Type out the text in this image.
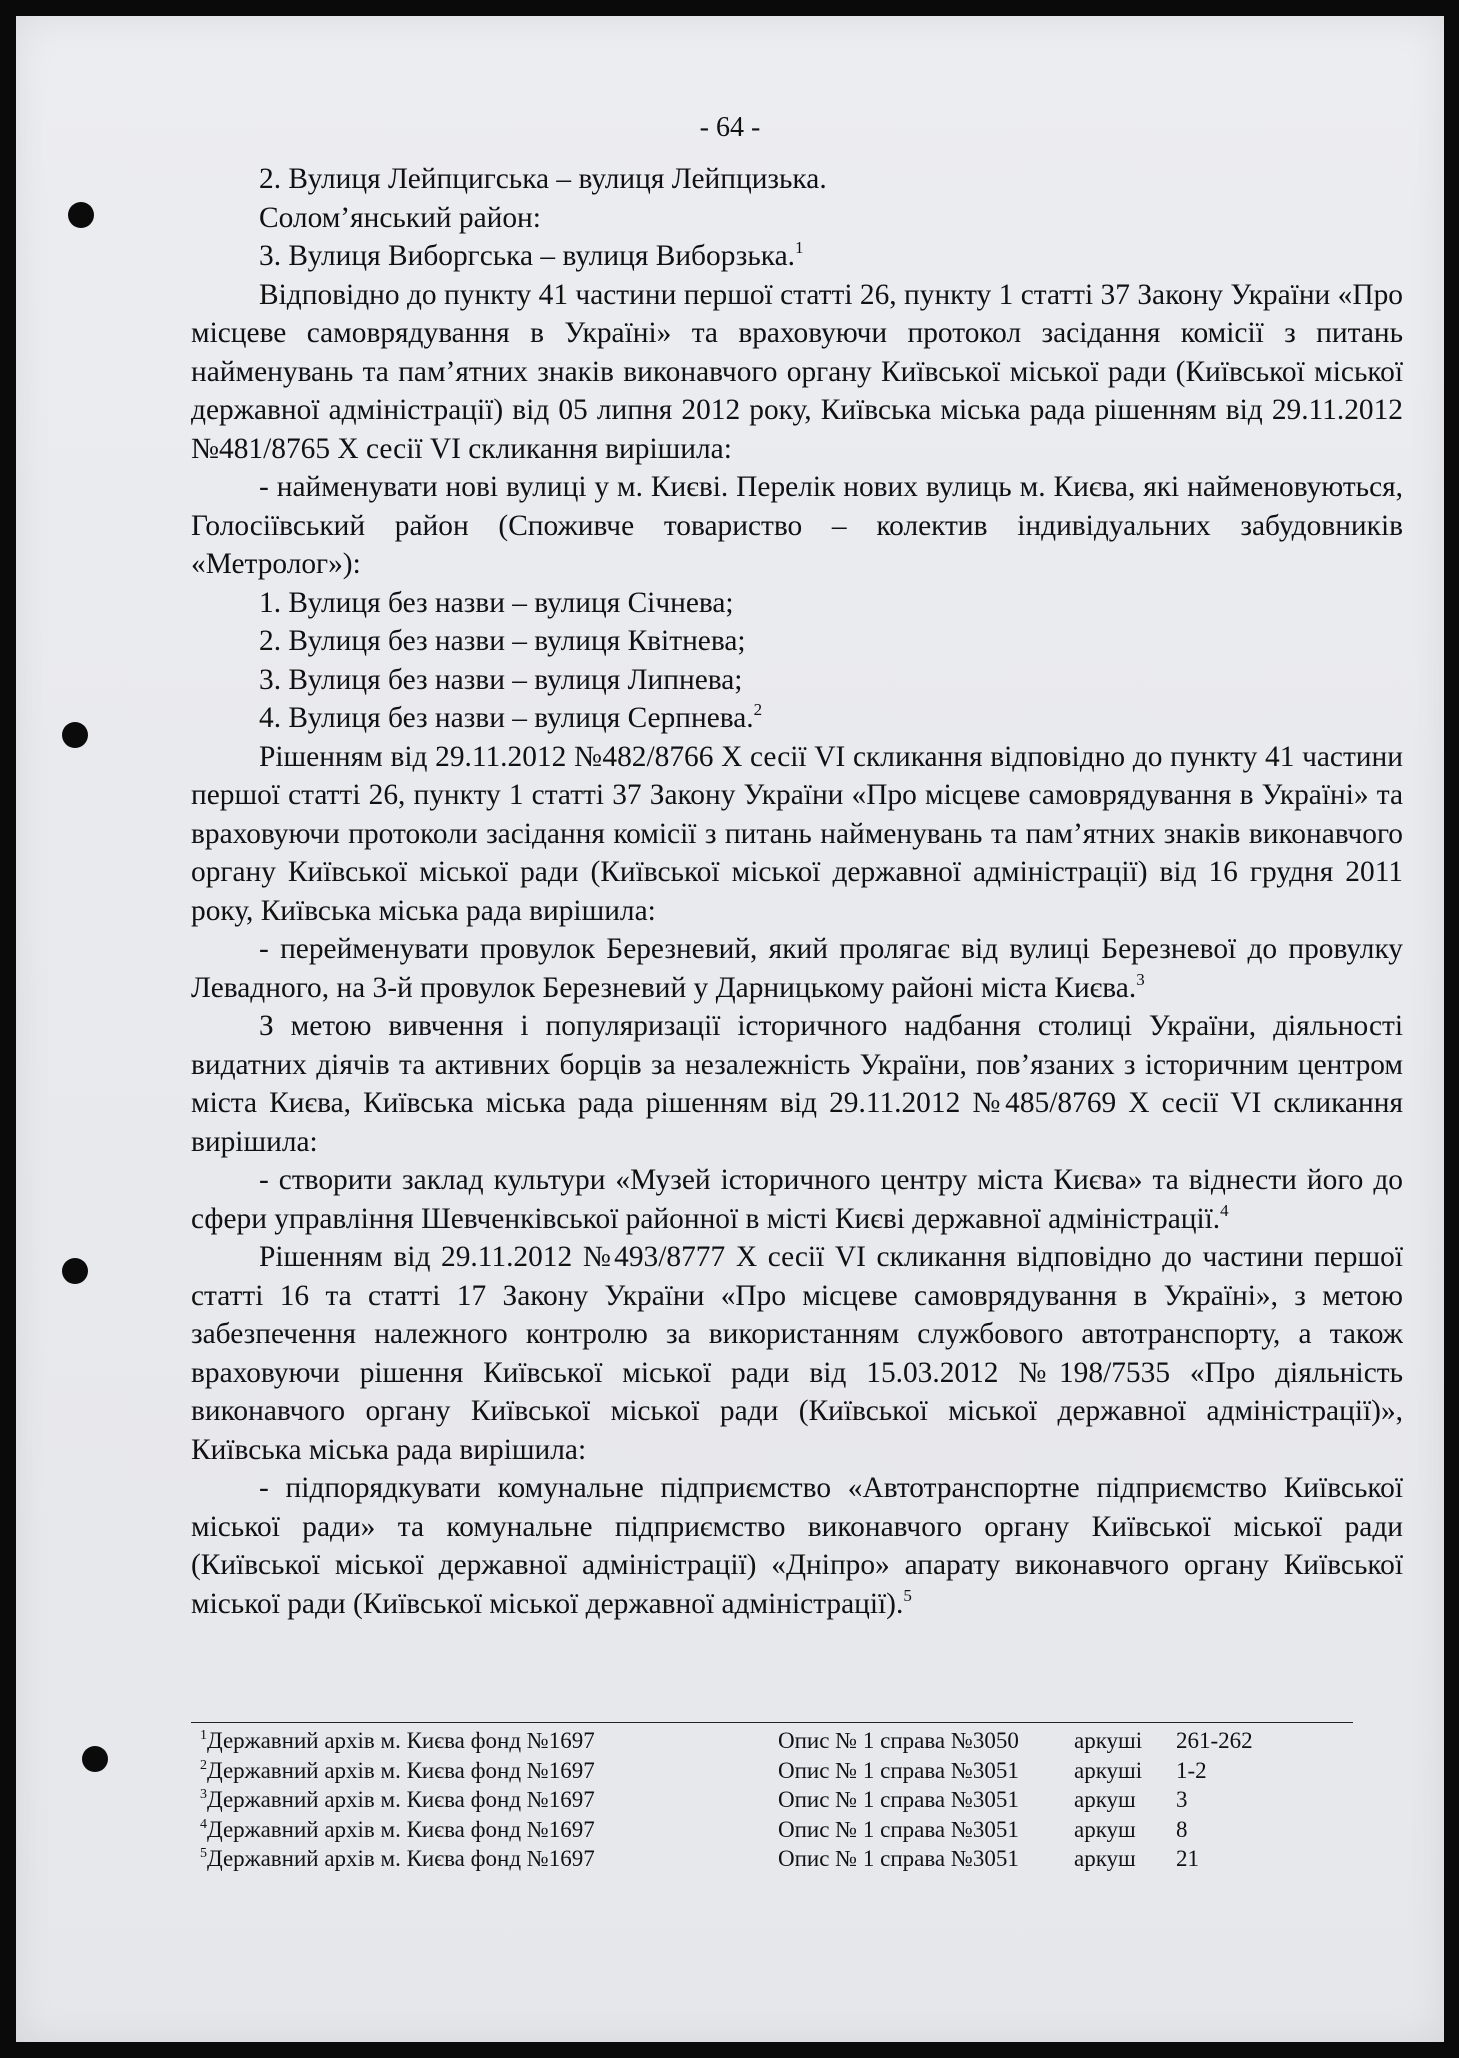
- 64 -

2. Вулиця Лейпцигська – вулиця Лейпцизька.

Солом’янський район:

3. Вулиця Виборгська – вулиця Виборзька.$^1$

Відповідно до пункту 41 частини першої статті 26, пункту 1 статті 37 Закону України «Про місцеве самоврядування в Україні» та враховуючи протокол засідання комісії з питань найменувань та пам’ятних знаків виконавчого органу Київської міської ради (Київської міської державної адміністрації) від 05 липня 2012 року, Київська міська рада рішенням від 29.11.2012 №481/8765 Х сесії VI скликання вирішила:

- найменувати нові вулиці у м. Києві. Перелік нових вулиць м. Києва, які найменовуються, Голосіївський район (Споживче товариство – колектив індивідуальних забудовників «Метролог»):

1. Вулиця без назви – вулиця Січнева;

2. Вулиця без назви – вулиця Квітнева;

3. Вулиця без назви – вулиця Липнева;

4. Вулиця без назви – вулиця Серпнева.$^2$

Рішенням від 29.11.2012 №482/8766 Х сесії VI скликання відповідно до пункту 41 частини першої статті 26, пункту 1 статті 37 Закону України «Про місцеве самоврядування в Україні» та враховуючи протоколи засідання комісії з питань найменувань та пам’ятних знаків виконавчого органу Київської міської ради (Київської міської державної адміністрації) від 16 грудня 2011 року, Київська міська рада вирішила:

- перейменувати провулок Березневий, який пролягає від вулиці Березневої до провулку Левадного, на 3-й провулок Березневий у Дарницькому районі міста Києва.$^3$

З метою вивчення і популяризації історичного надбання столиці України, діяльності видатних діячів та активних борців за незалежність України, пов’язаних з історичним центром міста Києва, Київська міська рада рішенням від 29.11.2012 №485/8769 Х сесії VI скликання вирішила:

- створити заклад культури «Музей історичного центру міста Києва» та віднести його до сфери управління Шевченківської районної в місті Києві державної адміністрації.$^4$

Рішенням від 29.11.2012 №493/8777 Х сесії VI скликання відповідно до частини першої статті 16 та статті 17 Закону України «Про місцеве самоврядування в Україні», з метою забезпечення належного контролю за використанням службового автотранспорту, а також враховуючи рішення Київської міської ради від 15.03.2012 №198/7535 «Про діяльність виконавчого органу Київської міської ради (Київської міської державної адміністрації)», Київська міська рада вирішила:

- підпорядкувати комунальне підприємство «Автотранспортне підприємство Київської міської ради» та комунальне підприємство виконавчого органу Київської міської ради (Київської міської державної адміністрації) «Дніпро» апарату виконавчого органу Київської міської ради (Київської міської державної адміністрації).$^5$

$^1$Державний архів м. Києва фонд №1697	Опис № 1 справа №3050 аркуші 261-262
$^2$Державний архів м. Києва фонд №1697	Опис № 1 справа №3051 аркуші 1-2
$^3$Державний архів м. Києва фонд №1697	Опис № 1 справа №3051 аркуш 3
$^4$Державний архів м. Києва фонд №1697	Опис № 1 справа №3051 аркуш 8
$^5$Державний архів м. Києва фонд №1697	Опис № 1 справа №3051 аркуш 21
